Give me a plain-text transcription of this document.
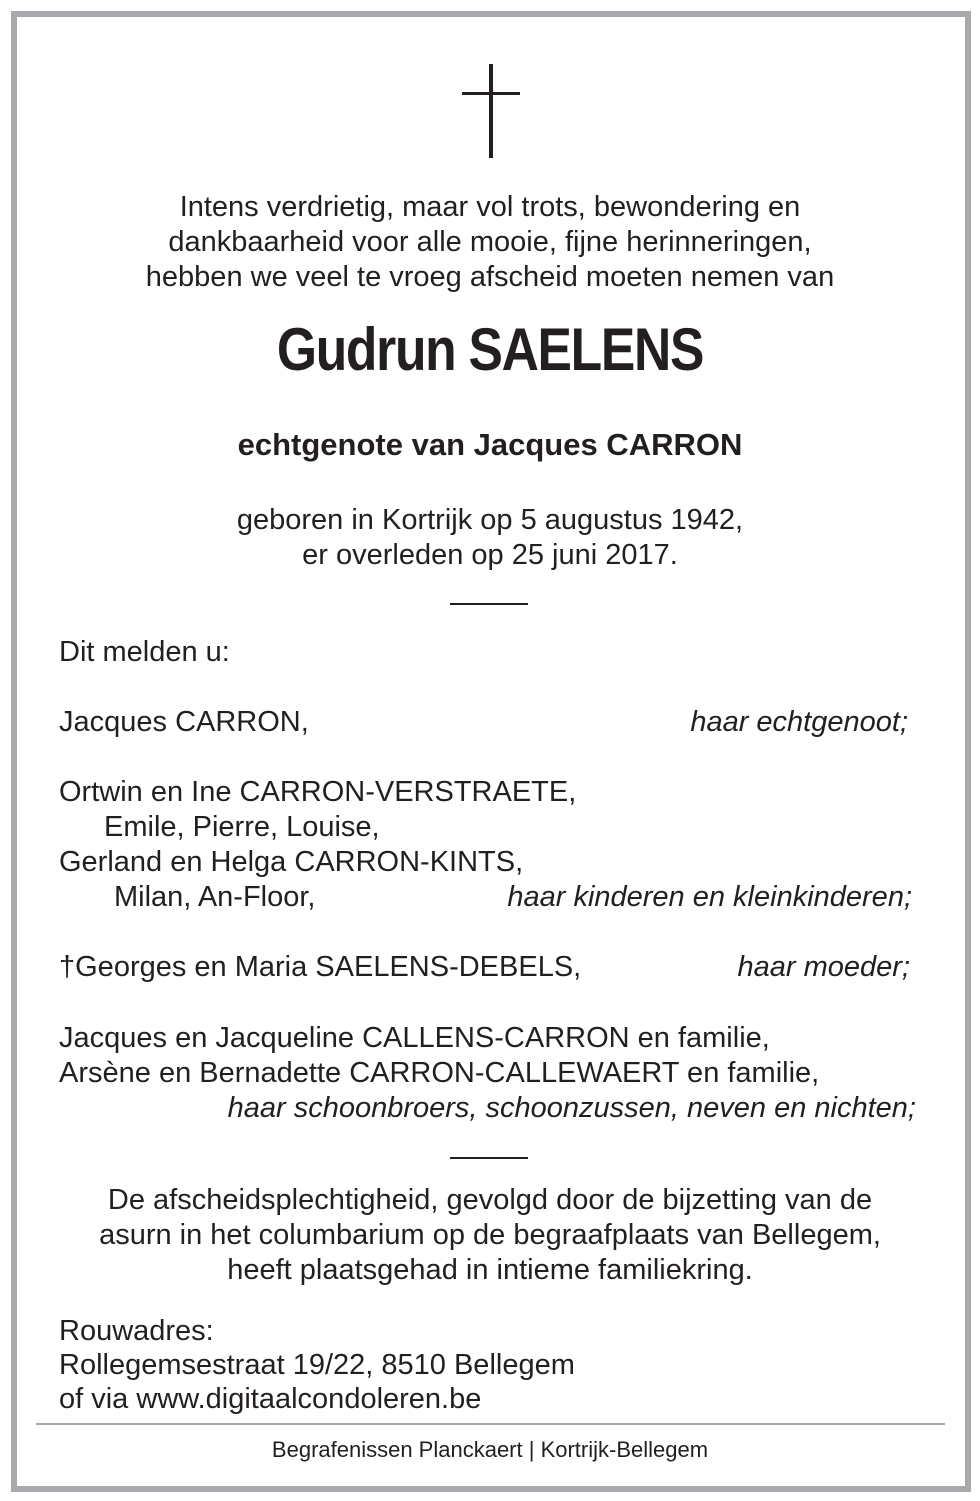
Intens verdrietig, maar vol trots, bewondering en
dankbaarheid voor alle mooie, fijne herinneringen,
hebben we veel te vroeg afscheid moeten nemen van
Gudrun SAELENS
echtgenote van Jacques CARRON
geboren in Kortrijk op 5 augustus 1942,
er overleden op 25 juni 2017.
Dit melden u:
Jacques CARRON,	haar echtgenoot;
Ortwin en Ine CARRON-VERSTRAETE,
Emile, Pierre, Louise,
Gerland en Helga CARRON-KINTS,
Milan, An-Floor,	haar kinderen en kleinkinderen;
†Georges en Maria SAELENS-DEBELS,	haar moeder;
Jacques en Jacqueline CALLENS-CARRON en familie,
Arsène en Bernadette CARRON-CALLEWAERT en familie,
haar schoonbroers, schoonzussen, neven en nichten;
De afscheidsplechtigheid, gevolgd door de bijzetting van de
asurn in het columbarium op de begraafplaats van Bellegem,
heeft plaatsgehad in intieme familiekring.
Rouwadres:
Rollegemsestraat 19/22, 8510 Bellegem
of via www.digitaalcondoleren.be
Begrafenissen Planckaert | Kortrijk-Bellegem
